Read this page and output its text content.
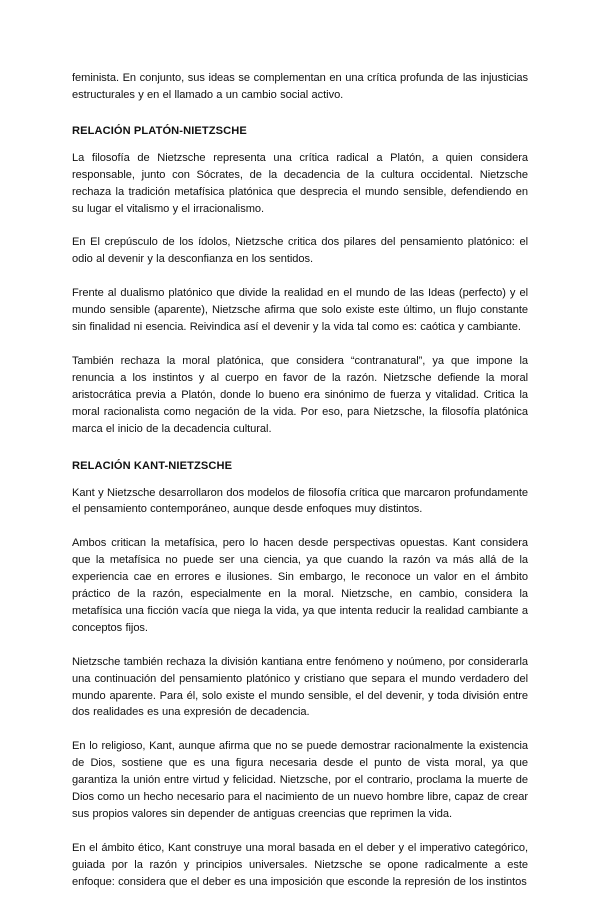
feminista. En conjunto, sus ideas se complementan en una crítica profunda de las injusticias estructurales y en el llamado a un cambio social activo.

RELACIÓN PLATÓN-NIETZSCHE

La filosofía de Nietzsche representa una crítica radical a Platón, a quien considera responsable, junto con Sócrates, de la decadencia de la cultura occidental. Nietzsche rechaza la tradición metafísica platónica que desprecia el mundo sensible, defendiendo en su lugar el vitalismo y el irracionalismo.

En El crepúsculo de los ídolos, Nietzsche critica dos pilares del pensamiento platónico: el odio al devenir y la desconfianza en los sentidos.

Frente al dualismo platónico que divide la realidad en el mundo de las Ideas (perfecto) y el mundo sensible (aparente), Nietzsche afirma que solo existe este último, un flujo constante sin finalidad ni esencia. Reivindica así el devenir y la vida tal como es: caótica y cambiante.

También rechaza la moral platónica, que considera “contranatural”, ya que impone la renuncia a los instintos y al cuerpo en favor de la razón. Nietzsche defiende la moral aristocrática previa a Platón, donde lo bueno era sinónimo de fuerza y vitalidad. Critica la moral racionalista como negación de la vida. Por eso, para Nietzsche, la filosofía platónica marca el inicio de la decadencia cultural.

RELACIÓN KANT-NIETZSCHE

Kant y Nietzsche desarrollaron dos modelos de filosofía crítica que marcaron profundamente el pensamiento contemporáneo, aunque desde enfoques muy distintos.

Ambos critican la metafísica, pero lo hacen desde perspectivas opuestas. Kant considera que la metafísica no puede ser una ciencia, ya que cuando la razón va más allá de la experiencia cae en errores e ilusiones. Sin embargo, le reconoce un valor en el ámbito práctico de la razón, especialmente en la moral. Nietzsche, en cambio, considera la metafísica una ficción vacía que niega la vida, ya que intenta reducir la realidad cambiante a conceptos fijos.

Nietzsche también rechaza la división kantiana entre fenómeno y noúmeno, por considerarla una continuación del pensamiento platónico y cristiano que separa el mundo verdadero del mundo aparente. Para él, solo existe el mundo sensible, el del devenir, y toda división entre dos realidades es una expresión de decadencia.

En lo religioso, Kant, aunque afirma que no se puede demostrar racionalmente la existencia de Dios, sostiene que es una figura necesaria desde el punto de vista moral, ya que garantiza la unión entre virtud y felicidad. Nietzsche, por el contrario, proclama la muerte de Dios como un hecho necesario para el nacimiento de un nuevo hombre libre, capaz de crear sus propios valores sin depender de antiguas creencias que reprimen la vida.

En el ámbito ético, Kant construye una moral basada en el deber y el imperativo categórico, guiada por la razón y principios universales. Nietzsche se opone radicalmente a este enfoque: considera que el deber es una imposición que esconde la represión de los instintos
